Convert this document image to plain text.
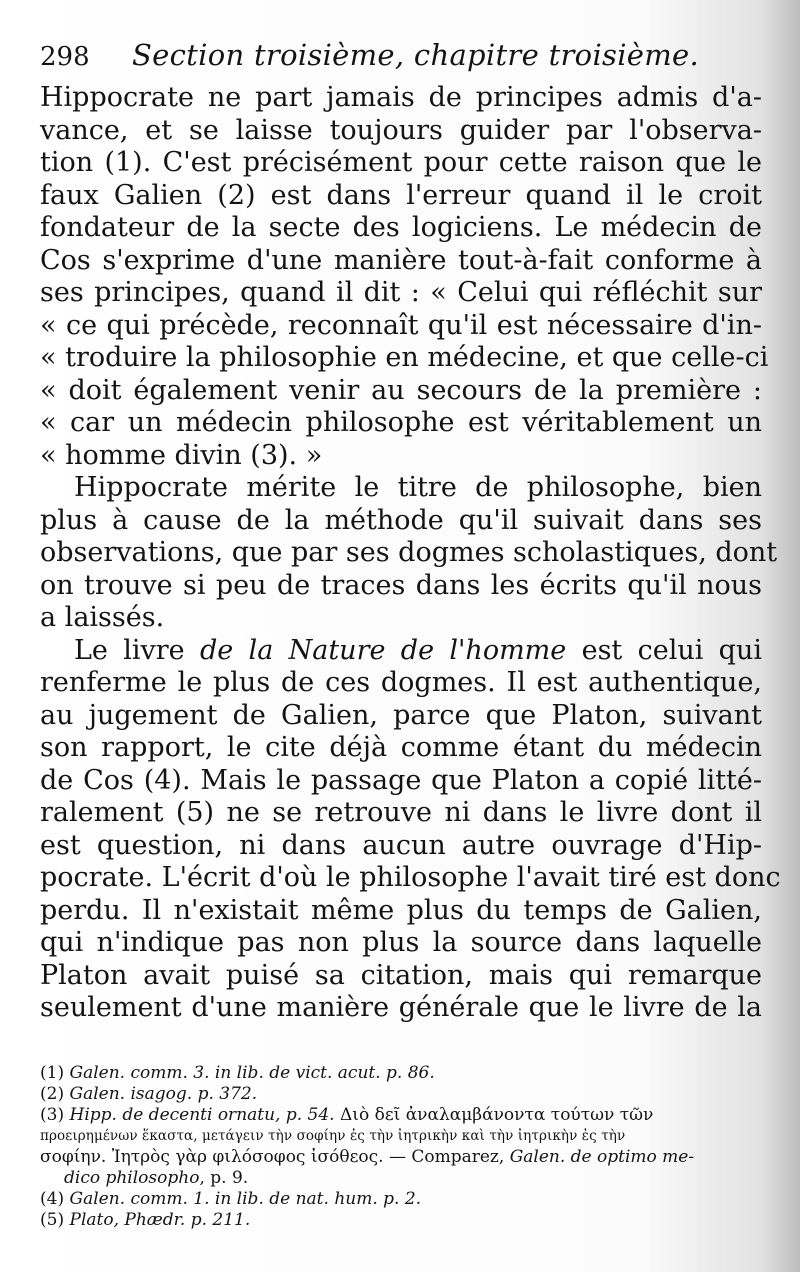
298	Section troisième, chapitre troisième.
Hippocrate ne part jamais de principes admis d'a-
vance, et se laisse toujours guider par l'observa-
tion (1). C'est précisément pour cette raison que le
faux Galien (2) est dans l'erreur quand il le croit
fondateur de la secte des logiciens. Le médecin de
Cos s'exprime d'une manière tout-à-fait conforme à
ses principes, quand il dit : « Celui qui réfléchit sur
« ce qui précède, reconnaît qu'il est nécessaire d'in-
« troduire la philosophie en médecine, et que celle-ci
« doit également venir au secours de la première :
« car un médecin philosophe est véritablement un
« homme divin (3). »
Hippocrate mérite le titre de philosophe, bien
plus à cause de la méthode qu'il suivait dans ses
observations, que par ses dogmes scholastiques, dont
on trouve si peu de traces dans les écrits qu'il nous
a laissés.
Le livre de la Nature de l'homme est celui qui
renferme le plus de ces dogmes. Il est authentique,
au jugement de Galien, parce que Platon, suivant
son rapport, le cite déjà comme étant du médecin
de Cos (4). Mais le passage que Platon a copié litté-
ralement (5) ne se retrouve ni dans le livre dont il
est question, ni dans aucun autre ouvrage d'Hip-
pocrate. L'écrit d'où le philosophe l'avait tiré est donc
perdu. Il n'existait même plus du temps de Galien,
qui n'indique pas non plus la source dans laquelle
Platon avait puisé sa citation, mais qui remarque
seulement d'une manière générale que le livre de la
(1) Galen. comm. 3. in lib. de vict. acut. p. 86.
(2) Galen. isagog. p. 372.
(3) Hipp. de decenti ornatu, p. 54. Διὸ δεῖ ἀναλαμβάνοντα τούτων τῶν
προειρημένων ἕκαστα, μετάγειν τὴν σοφίην ἐς τὴν ἰητρικὴν καὶ τὴν ἰητρικὴν ἐς τὴν
σοφίην. Ἰητρὸς γὰρ φιλόσοφος ἰσόθεος. — Comparez, Galen. de optimo me-
dico philosopho, p. 9.
(4) Galen. comm. 1. in lib. de nat. hum. p. 2.
(5) Plato, Phædr. p. 211.
